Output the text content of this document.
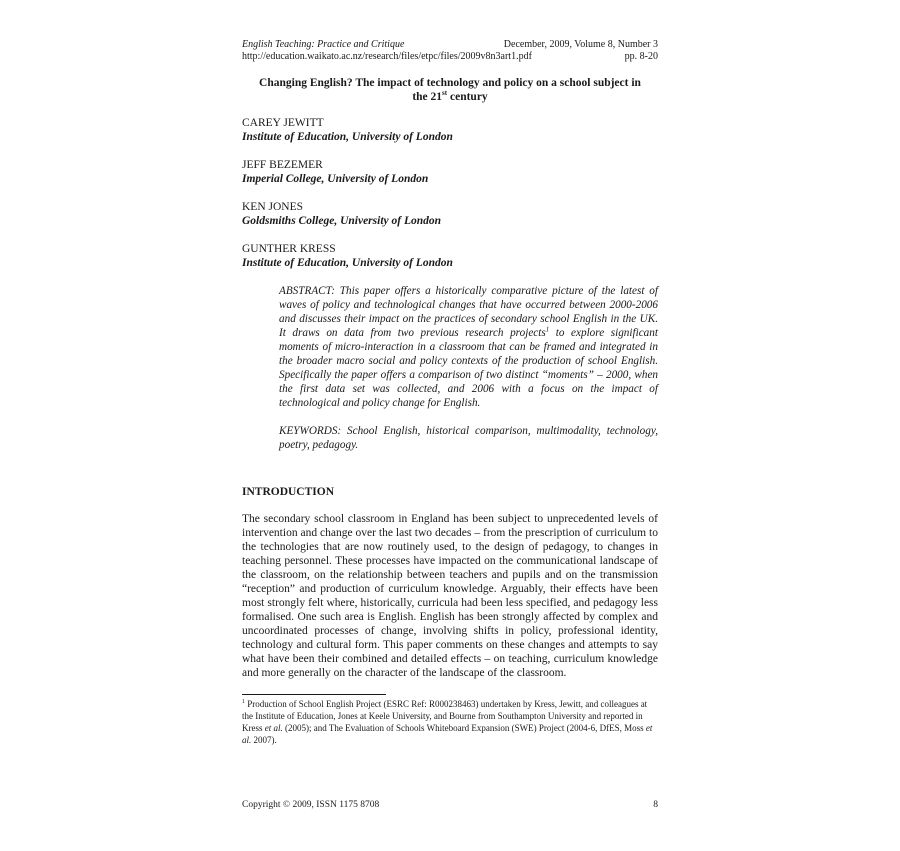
English Teaching: Practice and Critique	December, 2009, Volume 8, Number 3
http://education.waikato.ac.nz/research/files/etpc/files/2009v8n3art1.pdf	pp. 8-20
Changing English? The impact of technology and policy on a school subject in
the 21st century
CAREY JEWITT
Institute of Education, University of London
JEFF BEZEMER
Imperial College, University of London
KEN JONES
Goldsmiths College, University of London
GUNTHER KRESS
Institute of Education, University of London
ABSTRACT: This paper offers a historically comparative picture of the latest of waves of policy and technological changes that have occurred between 2000-2006 and discusses their impact on the practices of secondary school English in the UK. It draws on data from two previous research projects$^1$ to explore significant moments of micro-interaction in a classroom that can be framed and integrated in the broader macro social and policy contexts of the production of school English. Specifically the paper offers a comparison of two distinct “moments” – 2000, when the first data set was collected, and 2006 with a focus on the impact of technological and policy change for English.
KEYWORDS: School English, historical comparison, multimodality, technology, poetry, pedagogy.
INTRODUCTION
The secondary school classroom in England has been subject to unprecedented levels of intervention and change over the last two decades – from the prescription of curriculum to the technologies that are now routinely used, to the design of pedagogy, to changes in teaching personnel. These processes have impacted on the communicational landscape of the classroom, on the relationship between teachers and pupils and on the transmission “reception” and production of curriculum knowledge. Arguably, their effects have been most strongly felt where, historically, curricula had been less specified, and pedagogy less formalised. One such area is English. English has been strongly affected by complex and uncoordinated processes of change, involving shifts in policy, professional identity, technology and cultural form. This paper comments on these changes and attempts to say what have been their combined and detailed effects – on teaching, curriculum knowledge and more generally on the character of the landscape of the classroom.
$^1$ Production of School English Project (ESRC Ref: R000238463) undertaken by Kress, Jewitt, and colleagues at the Institute of Education, Jones at Keele University, and Bourne from Southampton University and reported in Kress et al. (2005); and The Evaluation of Schools Whiteboard Expansion (SWE) Project (2004-6, DfES, Moss et al. 2007).
Copyright © 2009, ISSN 1175 8708	8
